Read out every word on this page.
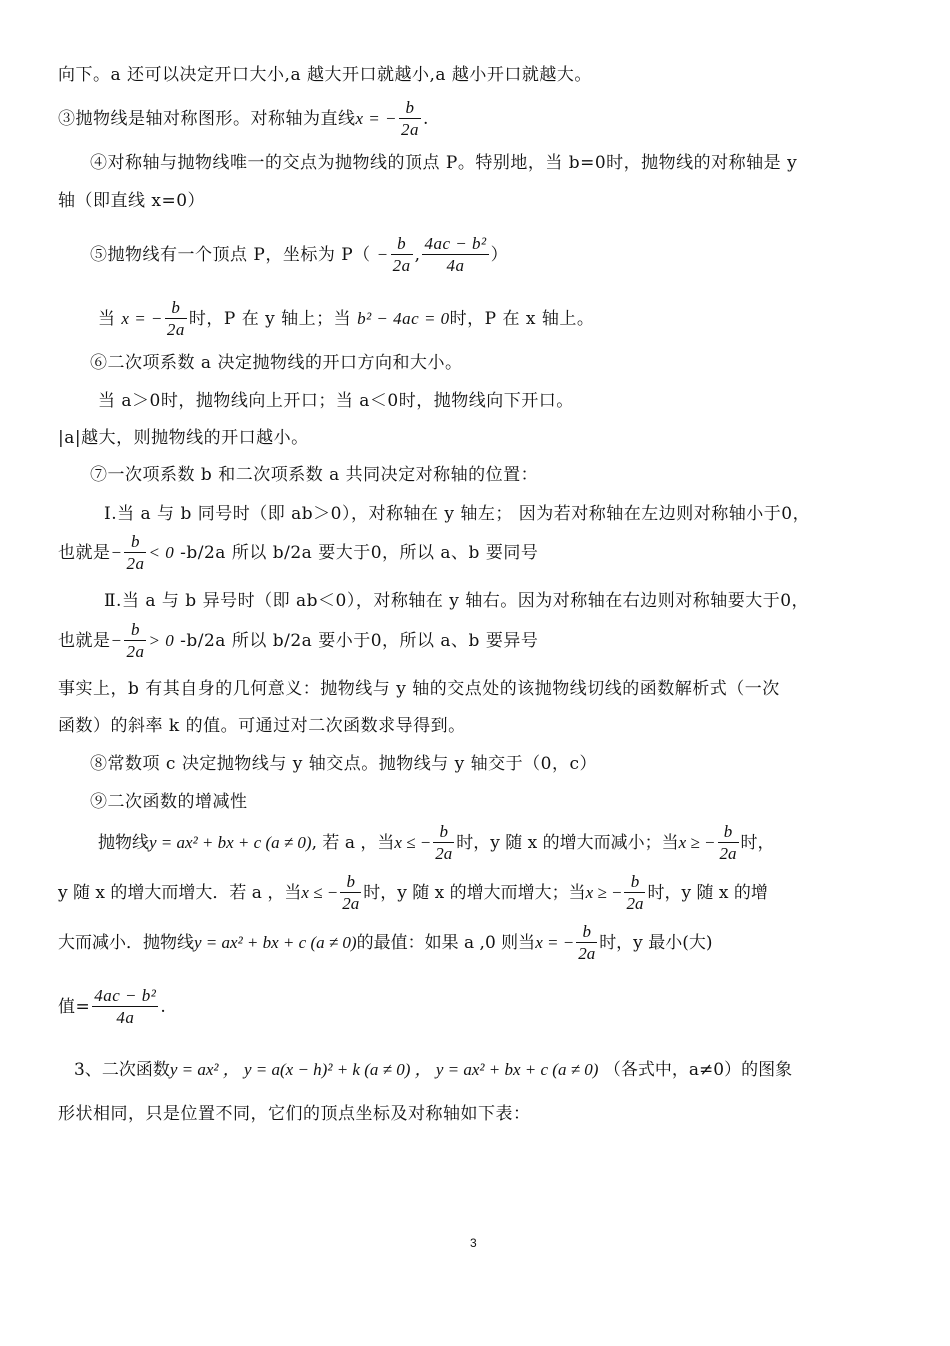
向下。a 还可以决定开口大小,a 越大开口就越小,a 越小开口就越大。
③抛物线是轴对称图形。对称轴为直线x = − $\frac{b}{2a}$ .
④对称轴与抛物线唯一的交点为抛物线的顶点 P。特别地，当 b=0时，抛物线的对称轴是 y
轴（即直线 x=0）
⑤抛物线有一个顶点 P，坐标为 $P( - \frac{b}{2a}$ , $\frac{\text{4ac − b²}}{4a}$ ）
当 x = − $\frac{b}{2a}$ 时，P 在 y 轴上；当 b² − 4ac = 0时，P 在 x 轴上。
⑥二次项系数 a 决定抛物线的开口方向和大小。
当 a＞0时，抛物线向上开口；当 a＜0时，抛物线向下开口。
|a|越大，则抛物线的开口越小。
⑦一次项系数 b 和二次项系数 a 共同决定对称轴的位置：
Ⅰ.当 a 与 b 同号时（即 ab＞0），对称轴在 y 轴左； 因为若对称轴在左边则对称轴小于0，
也就是− $\frac{b}{2a} < 0$ -b/2a 所以 b/2a 要大于0，所以 a、b 要同号
Ⅱ.当 a 与 b 异号时（即 ab＜0），对称轴在 y 轴右。因为对称轴在右边则对称轴要大于0，
也就是− $\frac{b}{2a} > 0$ -b/2a 所以 b/2a 要小于0，所以 a、b 要异号
事实上，b 有其自身的几何意义：抛物线与 y 轴的交点处的该抛物线切线的函数解析式（一次
函数）的斜率 k 的值。可通过对二次函数求导得到。
⑧常数项 c 决定抛物线与 y 轴交点。抛物线与 y 轴交于（0，c）
⑨二次函数的增减性
抛物线y = ax² + bx + c (a ≠ 0), 若 a ，当x ≤ − $\frac{b}{2a}$ 时，y 随 x 的增大而减小；当x ≥ − $\frac{b}{2a}$ 时，
y 随 x 的增大而增大．若 a ，当x ≤ − $\frac{b}{2a}$ 时，y 随 x 的增大而增大；当x ≥ − $\frac{b}{2a}$ 时，y 随 x 的增
大而减小．抛物线y = ax² + bx + c (a ≠ 0)的最值：如果 a ,0 则当x = − $\frac{b}{2a}$ 时，y 最小(大)
值= $\frac{\text{4ac − b²}}{4a}$ .
3、二次函数y = ax² ， y = a(x − h)² + k (a ≠ 0) ， y = ax² + bx + c (a ≠ 0) （各式中，a≠0）的图象
形状相同，只是位置不同，它们的顶点坐标及对称轴如下表：
3
